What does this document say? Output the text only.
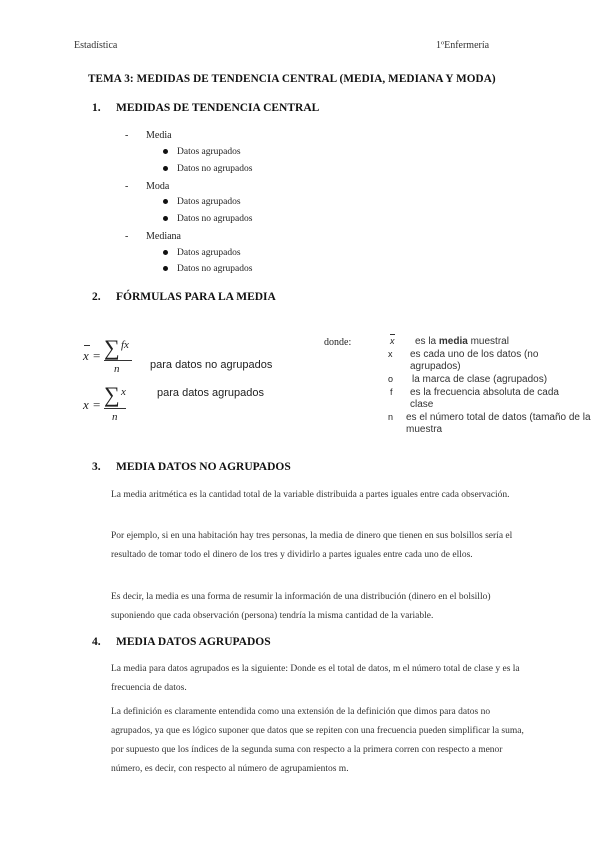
Estadística	1ºEnfermería
TEMA 3: MEDIDAS DE TENDENCIA CENTRAL (MEDIA, MEDIANA Y MODA)
1. MEDIDAS DE TENDENCIA CENTRAL
- Media
Datos agrupados
Datos no agrupados
- Moda
Datos agrupados
Datos no agrupados
- Mediana
Datos agrupados
Datos no agrupados
2. FÓRMULAS PARA LA MEDIA
x = ∑ fx
n	para datos no agrupados
x = ∑ x
n
para datos agrupados
donde:	x es la media muestral
x es cada uno de los datos (no agrupados)
o la marca de clase (agrupados)
f es la frecuencia absoluta de cada clase
n es el número total de datos (tamaño de la muestra
3. MEDIA DATOS NO AGRUPADOS
La media aritmética es la cantidad total de la variable distribuida a partes iguales entre cada observación.
Por ejemplo, si en una habitación hay tres personas, la media de dinero que tienen en sus bolsillos sería el resultado de tomar todo el dinero de los tres y dividirlo a partes iguales entre cada uno de ellos.
Es decir, la media es una forma de resumir la información de una distribución (dinero en el bolsillo) suponiendo que cada observación (persona) tendría la misma cantidad de la variable.
4. MEDIA DATOS AGRUPADOS
La media para datos agrupados es la siguiente: Donde es el total de datos, m el número total de clase y es la frecuencia de datos.
La definición es claramente entendida como una extensión de la definición que dimos para datos no agrupados, ya que es lógico suponer que datos que se repiten con una frecuencia pueden simplificar la suma, por supuesto que los índices de la segunda suma con respecto a la primera corren con respecto a menor número, es decir, con respecto al número de agrupamientos m.
